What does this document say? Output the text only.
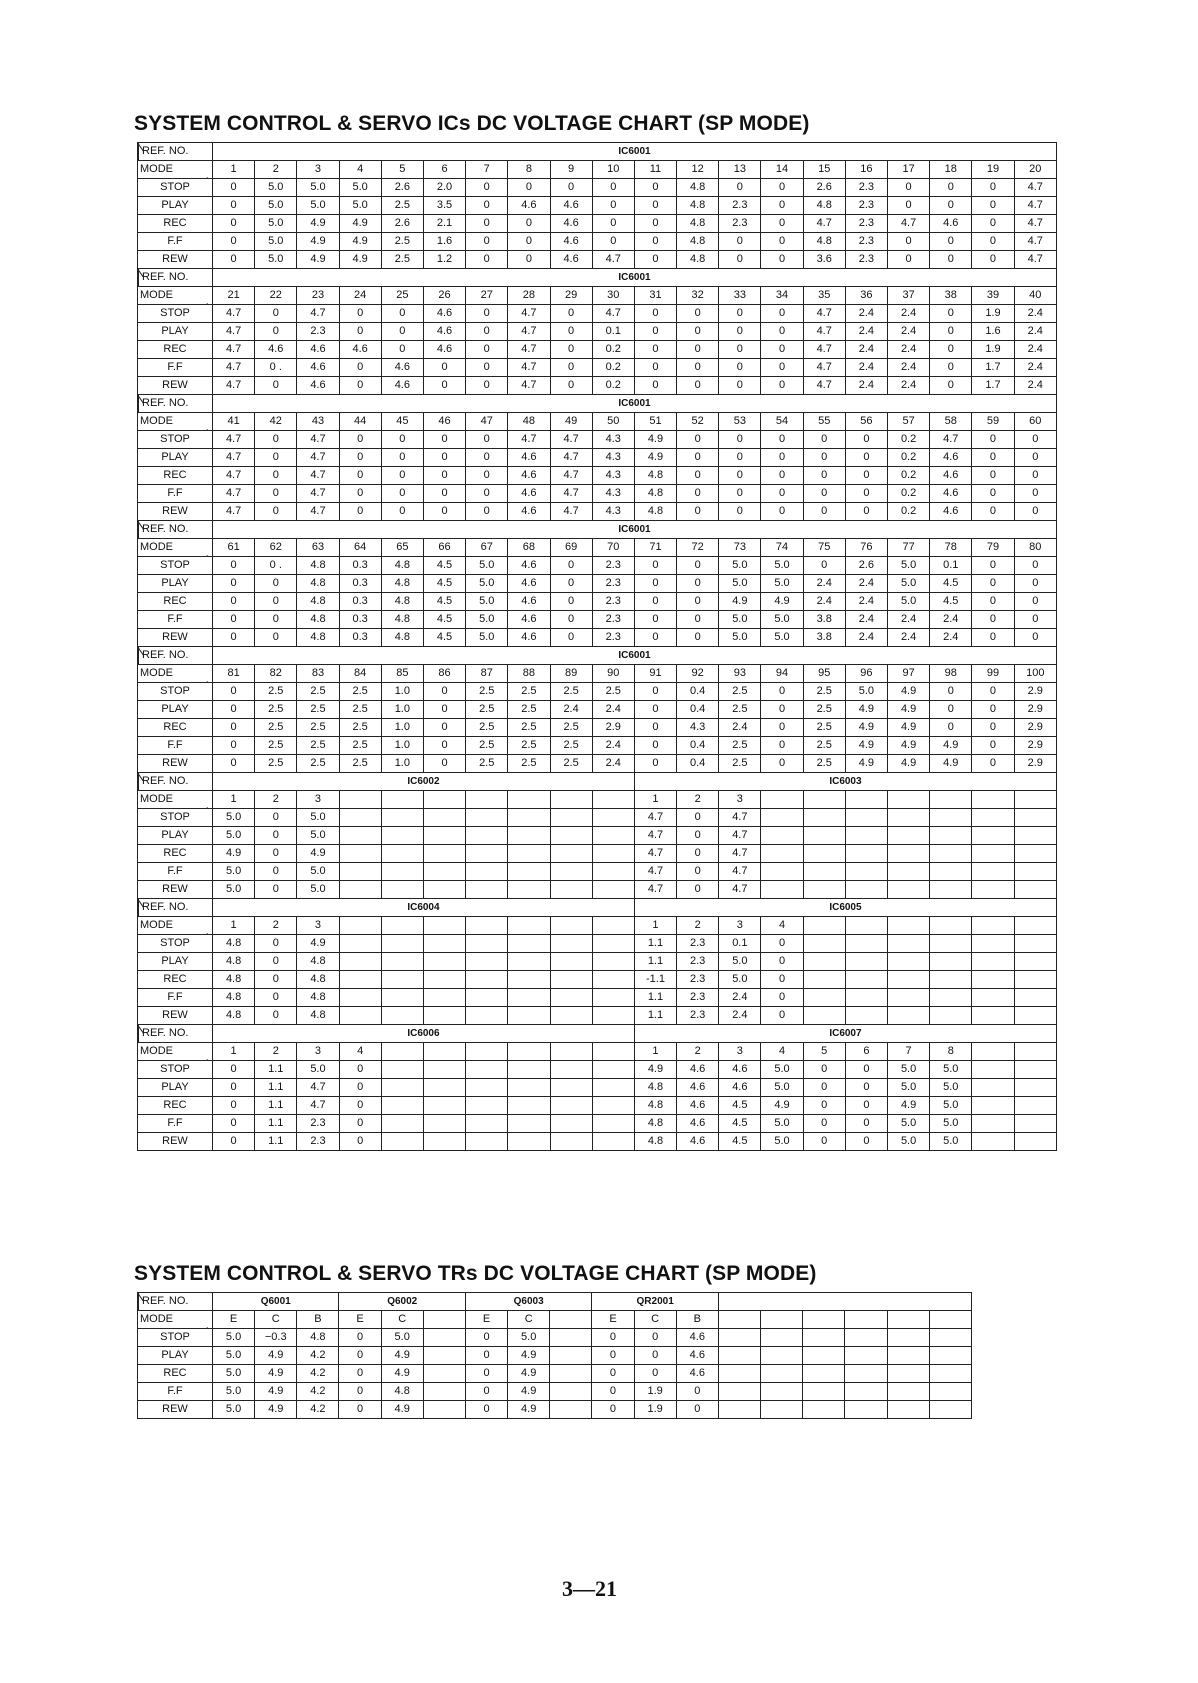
SYSTEM CONTROL & SERVO ICs DC VOLTAGE CHART (SP MODE)
REF. NO.	IC6001																			
MODE	1	2	3	4	5	6	7	8	9	10	11	12	13	14	15	16	17	18	19	20
STOP	0	5.0	5.0	5.0	2.6	2.0	0	0	0	0	0	4.8	0	0	2.6	2.3	0	0	0	4.7
PLAY	0	5.0	5.0	5.0	2.5	3.5	0	4.6	4.6	0	0	4.8	2.3	0	4.8	2.3	0	0	0	4.7
REC	0	5.0	4.9	4.9	2.6	2.1	0	0	4.6	0	0	4.8	2.3	0	4.7	2.3	4.7	4.6	0	4.7
F.F	0	5.0	4.9	4.9	2.5	1.6	0	0	4.6	0	0	4.8	0	0	4.8	2.3	0	0	0	4.7
REW	0	5.0	4.9	4.9	2.5	1.2	0	0	4.6	4.7	0	4.8	0	0	3.6	2.3	0	0	0	4.7
REF. NO.	IC6001																			
MODE	21	22	23	24	25	26	27	28	29	30	31	32	33	34	35	36	37	38	39	40
STOP	4.7	0	4.7	0	0	4.6	0	4.7	0	4.7	0	0	0	0	4.7	2.4	2.4	0	1.9	2.4
PLAY	4.7	0	2.3	0	0	4.6	0	4.7	0	0.1	0	0	0	0	4.7	2.4	2.4	0	1.6	2.4
REC	4.7	4.6	4.6	4.6	0	4.6	0	4.7	0	0.2	0	0	0	0	4.7	2.4	2.4	0	1.9	2.4
F.F	4.7	0 .	4.6	0	4.6	0	0	4.7	0	0.2	0	0	0	0	4.7	2.4	2.4	0	1.7	2.4
REW	4.7	0	4.6	0	4.6	0	0	4.7	0	0.2	0	0	0	0	4.7	2.4	2.4	0	1.7	2.4
REF. NO.	IC6001																			
MODE	41	42	43	44	45	46	47	48	49	50	51	52	53	54	55	56	57	58	59	60
STOP	4.7	0	4.7	0	0	0	0	4.7	4.7	4.3	4.9	0	0	0	0	0	0.2	4.7	0	0
PLAY	4.7	0	4.7	0	0	0	0	4.6	4.7	4.3	4.9	0	0	0	0	0	0.2	4.6	0	0
REC	4.7	0	4.7	0	0	0	0	4.6	4.7	4.3	4.8	0	0	0	0	0	0.2	4.6	0	0
F.F	4.7	0	4.7	0	0	0	0	4.6	4.7	4.3	4.8	0	0	0	0	0	0.2	4.6	0	0
REW	4.7	0	4.7	0	0	0	0	4.6	4.7	4.3	4.8	0	0	0	0	0	0.2	4.6	0	0
REF. NO.	IC6001																			
MODE	61	62	63	64	65	66	67	68	69	70	71	72	73	74	75	76	77	78	79	80
STOP	0	0 .	4.8	0.3	4.8	4.5	5.0	4.6	0	2.3	0	0	5.0	5.0	0	2.6	5.0	0.1	0	0
PLAY	0	0	4.8	0.3	4.8	4.5	5.0	4.6	0	2.3	0	0	5.0	5.0	2.4	2.4	5.0	4.5	0	0
REC	0	0	4.8	0.3	4.8	4.5	5.0	4.6	0	2.3	0	0	4.9	4.9	2.4	2.4	5.0	4.5	0	0
F.F	0	0	4.8	0.3	4.8	4.5	5.0	4.6	0	2.3	0	0	5.0	5.0	3.8	2.4	2.4	2.4	0	0
REW	0	0	4.8	0.3	4.8	4.5	5.0	4.6	0	2.3	0	0	5.0	5.0	3.8	2.4	2.4	2.4	0	0
REF. NO.	IC6001																			
MODE	81	82	83	84	85	86	87	88	89	90	91	92	93	94	95	96	97	98	99	100
STOP	0	2.5	2.5	2.5	1.0	0	2.5	2.5	2.5	2.5	0	0.4	2.5	0	2.5	5.0	4.9	0	0	2.9
PLAY	0	2.5	2.5	2.5	1.0	0	2.5	2.5	2.4	2.4	0	0.4	2.5	0	2.5	4.9	4.9	0	0	2.9
REC	0	2.5	2.5	2.5	1.0	0	2.5	2.5	2.5	2.9	0	4.3	2.4	0	2.5	4.9	4.9	0	0	2.9
F.F	0	2.5	2.5	2.5	1.0	0	2.5	2.5	2.5	2.4	0	0.4	2.5	0	2.5	4.9	4.9	4.9	0	2.9
REW	0	2.5	2.5	2.5	1.0	0	2.5	2.5	2.5	2.4	0	0.4	2.5	0	2.5	4.9	4.9	4.9	0	2.9
REF. NO.	IC6002										IC6003									
MODE	1	2	3								1	2	3							
STOP	5.0	0	5.0								4.7	0	4.7							
PLAY	5.0	0	5.0								4.7	0	4.7							
REC	4.9	0	4.9								4.7	0	4.7							
F.F	5.0	0	5.0								4.7	0	4.7							
REW	5.0	0	5.0								4.7	0	4.7							
REF. NO.	IC6004										IC6005									
MODE	1	2	3								1	2	3	4						
STOP	4.8	0	4.9								1.1	2.3	0.1	0						
PLAY	4.8	0	4.8								1.1	2.3	5.0	0						
REC	4.8	0	4.8								-1.1	2.3	5.0	0						
F.F	4.8	0	4.8								1.1	2.3	2.4	0						
REW	4.8	0	4.8								1.1	2.3	2.4	0						
REF. NO.	IC6006										IC6007									
MODE	1	2	3	4							1	2	3	4	5	6	7	8		
STOP	0	1.1	5.0	0							4.9	4.6	4.6	5.0	0	0	5.0	5.0		
PLAY	0	1.1	4.7	0							4.8	4.6	4.6	5.0	0	0	5.0	5.0		
REC	0	1.1	4.7	0							4.8	4.6	4.5	4.9	0	0	4.9	5.0		
F.F	0	1.1	2.3	0							4.8	4.6	4.5	5.0	0	0	5.0	5.0		
REW	0	1.1	2.3	0							4.8	4.6	4.5	5.0	0	0	5.0	5.0		
SYSTEM CONTROL & SERVO TRs DC VOLTAGE CHART (SP MODE)
REF. NO.	Q6001			Q6002			Q6003			QR2001								
MODE	E	C	B	E	C		E	C		E	C	B						
STOP	5.0	−0.3	4.8	0	5.0		0	5.0		0	0	4.6						
PLAY	5.0	4.9	4.2	0	4.9		0	4.9		0	0	4.6						
REC	5.0	4.9	4.2	0	4.9		0	4.9		0	0	4.6						
F.F	5.0	4.9	4.2	0	4.8		0	4.9		0	1.9	0						
REW	5.0	4.9	4.2	0	4.9		0	4.9		0	1.9	0						
3—21
